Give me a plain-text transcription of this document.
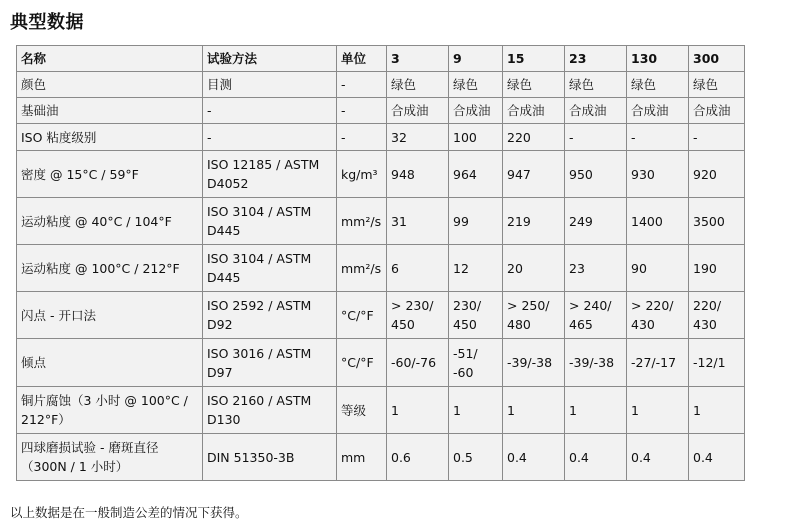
典型数据
名称	试验方法	单位	3	9	15	23	130	300
颜色	目测	-	绿色	绿色	绿色	绿色	绿色	绿色
基础油	-	-	合成油	合成油	合成油	合成油	合成油	合成油
ISO 粘度级别	-	-	32	100	220	-	-	-
密度 @ 15°C / 59°F	ISO 12185 / ASTM D4052	kg/m³	948	964	947	950	930	920
运动粘度 @ 40°C / 104°F	ISO 3104 / ASTM D445	mm²/s	31	99	219	249	1400	3500
运动粘度 @ 100°C / 212°F	ISO 3104 / ASTM D445	mm²/s	6	12	20	23	90	190
闪点 - 开口法	ISO 2592 / ASTM D92	°C/°F	> 230/ 450	230/ 450	> 250/ 480	> 240/ 465	> 220/ 430	220/ 430
倾点	ISO 3016 / ASTM D97	°C/°F	-60/-76	-51/ -60	-39/-38	-39/-38	-27/-17	-12/1
铜片腐蚀（3 小时 @ 100°C / 212°F）	ISO 2160 / ASTM D130	等级	1	1	1	1	1	1
四球磨损试验 - 磨斑直径（300N / 1 小时）	DIN 51350-3B	mm	0.6	0.5	0.4	0.4	0.4	0.4
以上数据是在一般制造公差的情况下获得。
